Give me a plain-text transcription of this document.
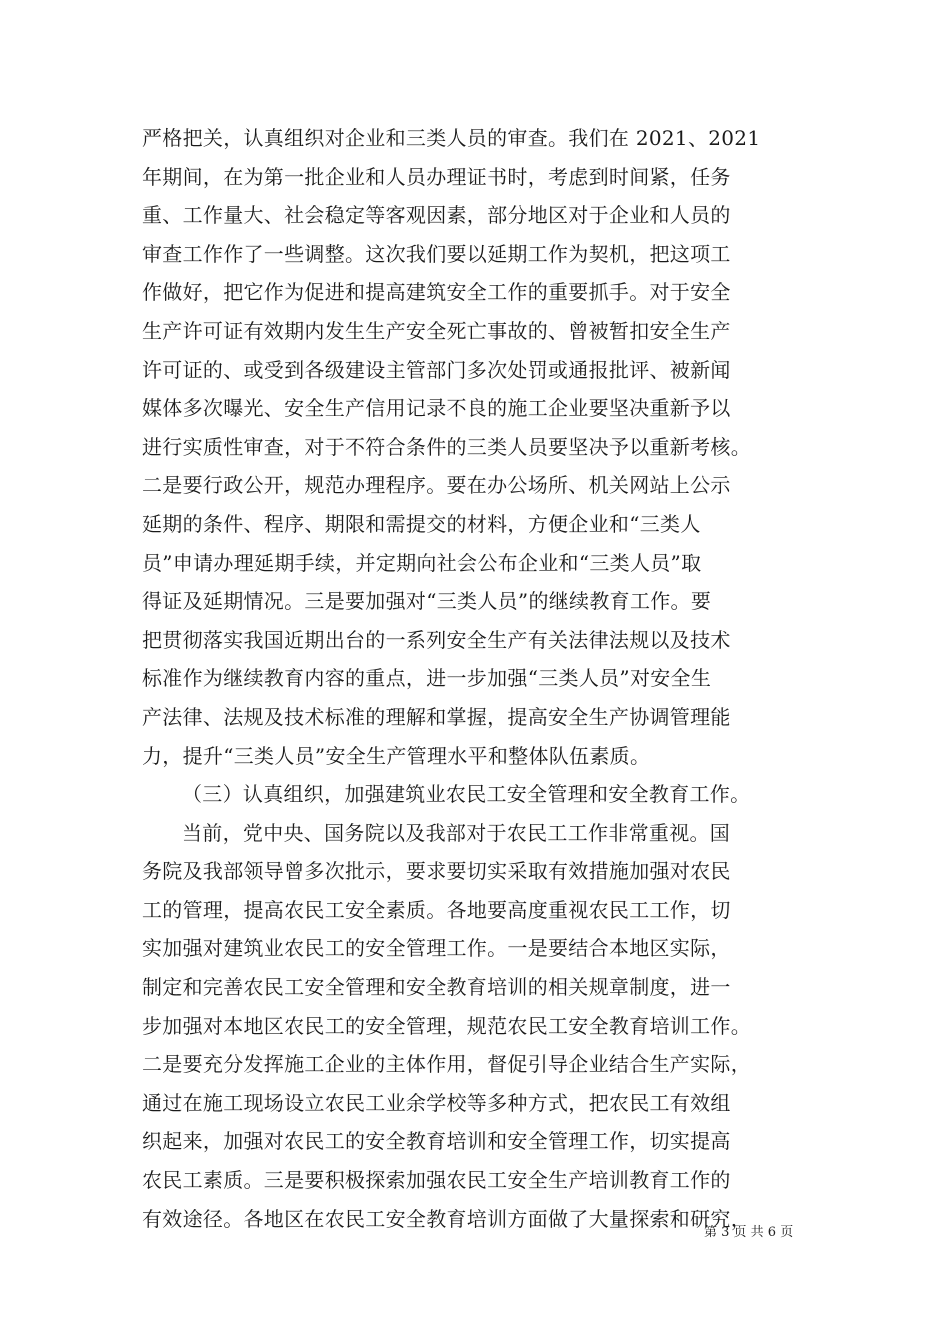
严格把关，认真组织对企业和三类人员的审查。我们在 2021、2021
年期间，在为第一批企业和人员办理证书时，考虑到时间紧，任务
重、工作量大、社会稳定等客观因素，部分地区对于企业和人员的
审查工作作了一些调整。这次我们要以延期工作为契机，把这项工
作做好，把它作为促进和提高建筑安全工作的重要抓手。对于安全
生产许可证有效期内发生生产安全死亡事故的、曾被暂扣安全生产
许可证的、或受到各级建设主管部门多次处罚或通报批评、被新闻
媒体多次曝光、安全生产信用记录不良的施工企业要坚决重新予以
进行实质性审查，对于不符合条件的三类人员要坚决予以重新考核。
二是要行政公开，规范办理程序。要在办公场所、机关网站上公示
延期的条件、程序、期限和需提交的材料，方便企业和“三类人
员”申请办理延期手续，并定期向社会公布企业和“三类人员”取
得证及延期情况。三是要加强对“三类人员”的继续教育工作。要
把贯彻落实我国近期出台的一系列安全生产有关法律法规以及技术
标准作为继续教育内容的重点，进一步加强“三类人员”对安全生
产法律、法规及技术标准的理解和掌握，提高安全生产协调管理能
力，提升“三类人员”安全生产管理水平和整体队伍素质。
（三）认真组织，加强建筑业农民工安全管理和安全教育工作。
当前，党中央、国务院以及我部对于农民工工作非常重视。国
务院及我部领导曾多次批示，要求要切实采取有效措施加强对农民
工的管理，提高农民工安全素质。各地要高度重视农民工工作，切
实加强对建筑业农民工的安全管理工作。一是要结合本地区实际，
制定和完善农民工安全管理和安全教育培训的相关规章制度，进一
步加强对本地区农民工的安全管理，规范农民工安全教育培训工作。
二是要充分发挥施工企业的主体作用，督促引导企业结合生产实际，
通过在施工现场设立农民工业余学校等多种方式，把农民工有效组
织起来，加强对农民工的安全教育培训和安全管理工作，切实提高
农民工素质。三是要积极探索加强农民工安全生产培训教育工作的
有效途径。各地区在农民工安全教育培训方面做了大量探索和研究，
第 3 页 共 6 页
